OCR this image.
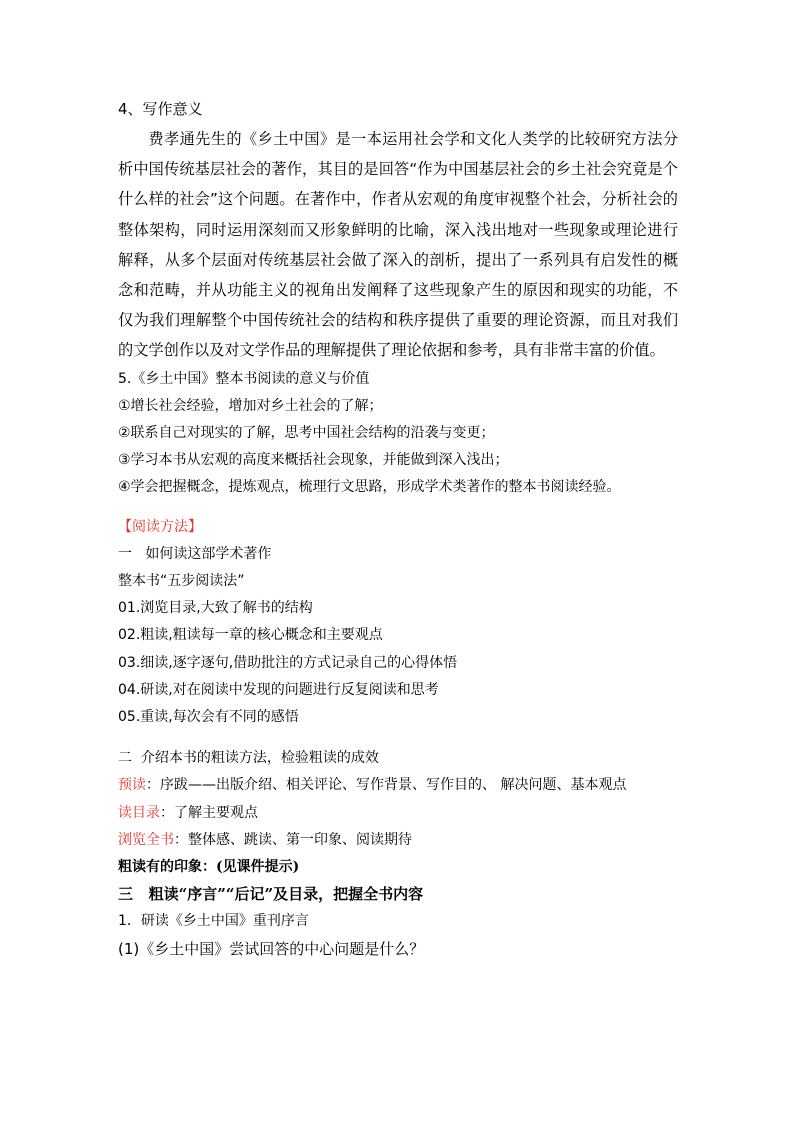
4、写作意义

费孝通先生的《乡土中国》是一本运用社会学和文化人类学的比较研究方法分析中国传统基层社会的著作，其目的是回答“作为中国基层社会的乡土社会究竟是个什么样的社会”这个问题。在著作中，作者从宏观的角度审视整个社会，分析社会的整体架构，同时运用深刻而又形象鲜明的比喻，深入浅出地对一些现象或理论进行解释，从多个层面对传统基层社会做了深入的剖析，提出了一系列具有启发性的概念和范畴，并从功能主义的视角出发阐释了这些现象产生的原因和现实的功能，不仅为我们理解整个中国传统社会的结构和秩序提供了重要的理论资源，而且对我们的文学创作以及对文学作品的理解提供了理论依据和参考，具有非常丰富的价值。

5.《乡土中国》整本书阅读的意义与价值
①增长社会经验，增加对乡土社会的了解；
②联系自己对现实的了解，思考中国社会结构的沿袭与变更；
③学习本书从宏观的高度来概括社会现象，并能做到深入浅出；
④学会把握概念，提炼观点，梳理行文思路，形成学术类著作的整本书阅读经验。
【阅读方法】
一   如何读这部学术著作
整本书“五步阅读法”
01.浏览目录,大致了解书的结构
02.粗读,粗读每一章的核心概念和主要观点
03.细读,逐字逐句,借助批注的方式记录自己的心得体悟
04.研读,对在阅读中发现的问题进行反复阅读和思考
05.重读,每次会有不同的感悟
二  介绍本书的粗读方法，检验粗读的成效
预读：序跋——出版介绍、相关评论、写作背景、写作目的、 解决问题、基本观点
读目录：了解主要观点
浏览全书：整体感、跳读、第一印象、阅读期待
粗读有的印象：(见课件提示)
三   粗读“序言”“后记”及目录，把握全书内容
1．研读《乡土中国》重刊序言
(1)《乡土中国》尝试回答的中心问题是什么？
